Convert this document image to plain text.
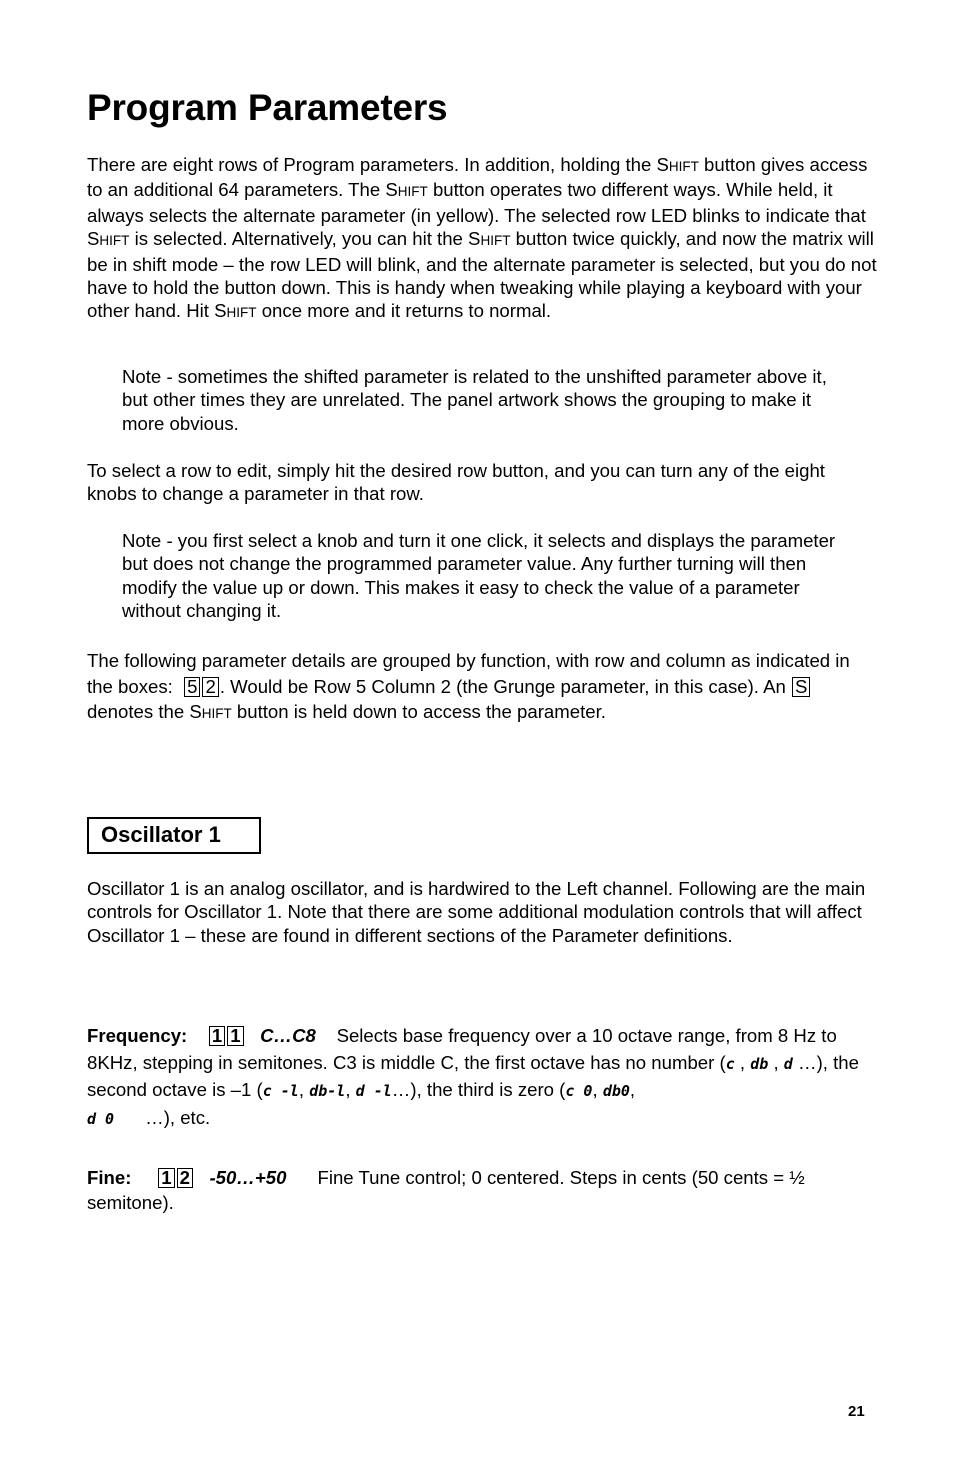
Program Parameters

There are eight rows of Program parameters. In addition, holding the SHIFT button gives access to an additional 64 parameters. The SHIFT button operates two different ways. While held, it always selects the alternate parameter (in yellow). The selected row LED blinks to indicate that SHIFT is selected. Alternatively, you can hit the SHIFT button twice quickly, and now the matrix will be in shift mode – the row LED will blink, and the alternate parameter is selected, but you do not have to hold the button down. This is handy when tweaking while playing a keyboard with your other hand. Hit SHIFT once more and it returns to normal.

Note - sometimes the shifted parameter is related to the unshifted parameter above it, but other times they are unrelated. The panel artwork shows the grouping to make it more obvious.

To select a row to edit, simply hit the desired row button, and you can turn any of the eight knobs to change a parameter in that row.

Note - you first select a knob and turn it one click, it selects and displays the parameter but does not change the programmed parameter value. Any further turning will then modify the value up or down. This makes it easy to check the value of a parameter without changing it.

The following parameter details are grouped by function, with row and column as indicated in the boxes: 5 2 . Would be Row 5 Column 2 (the Grunge parameter, in this case). An S denotes the SHIFT button is held down to access the parameter.

Oscillator 1

Oscillator 1 is an analog oscillator, and is hardwired to the Left channel. Following are the main controls for Oscillator 1. Note that there are some additional modulation controls that will affect Oscillator 1 – these are found in different sections of the Parameter definitions.

Frequency: 1 1 C…C8 Selects base frequency over a 10 octave range, from 8 Hz to 8KHz, stepping in semitones. C3 is middle C, the first octave has no number (c , db , d …), the second octave is –1 (c -l, db-l, d -l…), the third is zero (c 0, db0,
d 0      …), etc.

Fine: 1 2 -50…+50 Fine Tune control; 0 centered. Steps in cents (50 cents = ½ semitone).

21
